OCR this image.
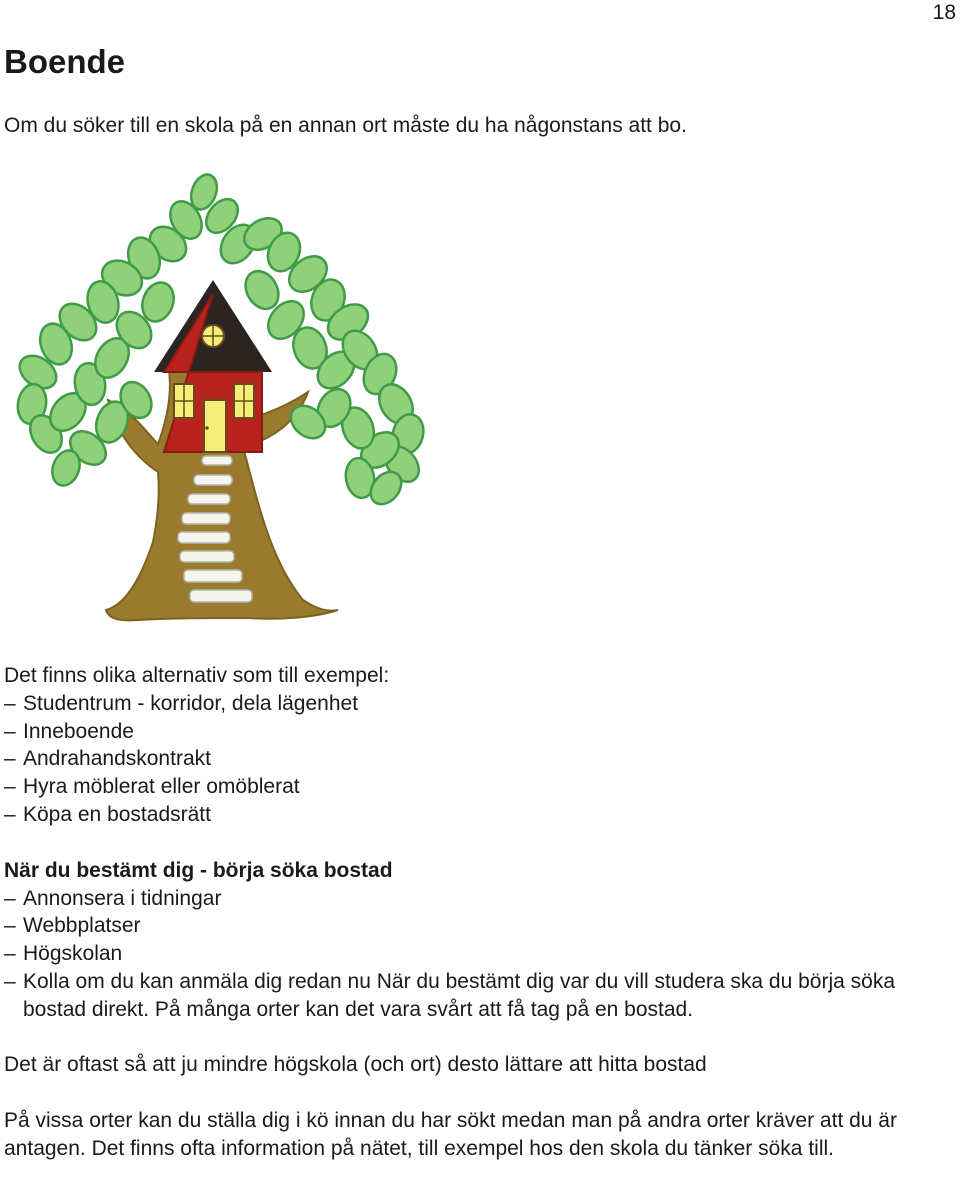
18
Boende

Om du söker till en skola på en annan ort måste du ha någonstans att bo.

Det finns olika alternativ som till exempel:

– Studentrum - korridor, dela lägenhet
– Inneboende
– Andrahandskontrakt
– Hyra möblerat eller omöblerat
– Köpa en bostadsrätt

När du bestämt dig - börja söka bostad

– Annonsera i tidningar
– Webbplatser
– Högskolan
– Kolla om du kan anmäla dig redan nu När du bestämt dig var du vill studera ska du börja söka bostad direkt. På många orter kan det vara svårt att få tag på en bostad.

Det är oftast så att ju mindre högskola (och ort) desto lättare att hitta bostad

På vissa orter kan du ställa dig i kö innan du har sökt medan man på andra orter kräver att du är antagen. Det finns ofta information på nätet, till exempel hos den skola du tänker söka till.
